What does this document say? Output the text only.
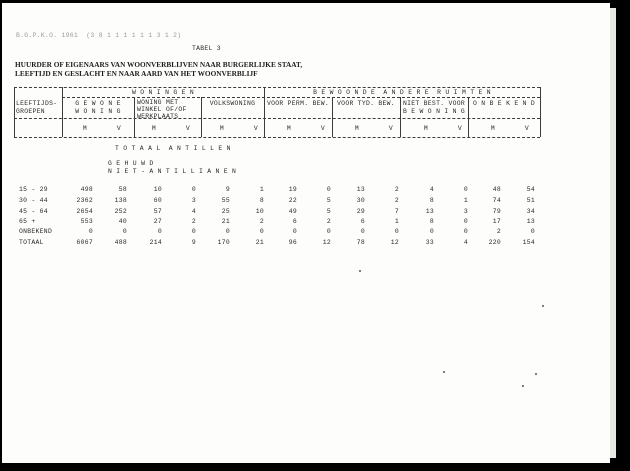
B.G.P.K.O. 1961  (3 8 1 1 1 1 1 1 3 1 2)
TABEL 3
HUURDER OF EIGENAARS VAN WOONVERBLIJVEN NAAR BURGERLIJKE STAAT,
LEEFTIJD EN GESLACHT EN NAAR AARD VAN HET WOONVERBLIJF
LEEFTIJDS-
GROEPEN
W O N I N G E N	B E W O O N D E  A N D E R E  R U I M T E N
G E W O N E
W O N I N G
WONING MET
WINKEL OF/OF
WERKPLAATS
VOLKSWONING	VOOR PERM. BEW.	VOOR TYD. BEW.	NIET BEST. VOOR
B E W O N I N G
O N B E K E N D
M	V	M	V	M	V	M	V	M	V	M	V	M	V
T O T A A L  A N T I L L E N
G E H U W D
N I E T - A N T I L L I A N E N
15 - 29	498	58	10	0	9	1	19	0	13	2	4	0	48	54
30 - 44	2362	138	60	3	55	8	22	5	30	2	8	1	74	51
45 - 64	2654	252	57	4	25	10	49	5	29	7	13	3	79	34
65 +	553	40	27	2	21	2	6	2	6	1	8	0	17	13
ONBEKEND	0	0	0	0	0	0	0	0	0	0	0	0	2	0
TOTAAL	6067	488	214	9	170	21	96	12	78	12	33	4	220	154
